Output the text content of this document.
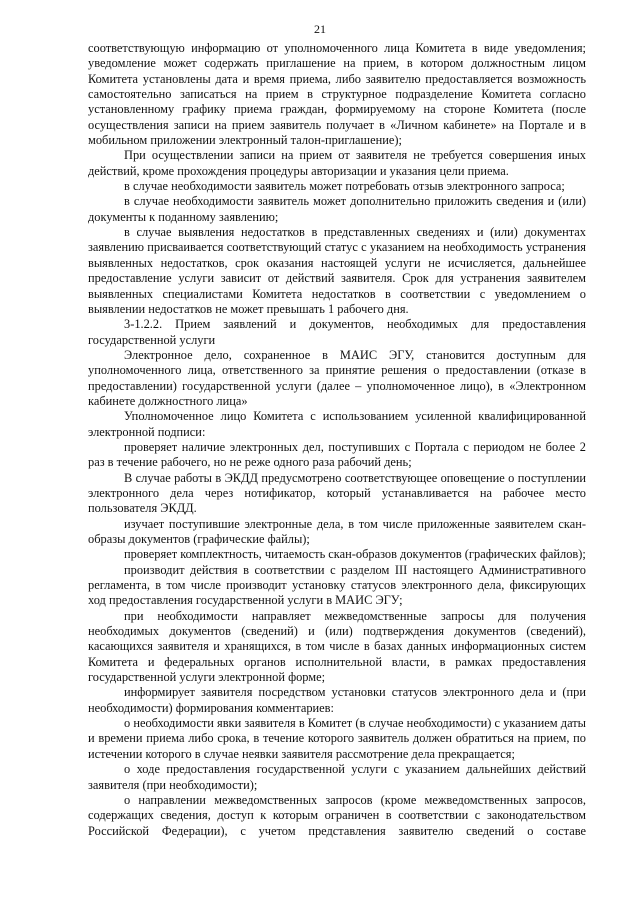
21

соответствующую информацию от уполномоченного лица Комитета в виде уведомления; уведомление может содержать приглашение на прием, в котором должностным лицом Комитета установлены дата и время приема, либо заявителю предоставляется возможность самостоятельно записаться на прием в структурное подразделение Комитета согласно установленному графику приема граждан, формируемому на стороне Комитета (после осуществления записи на прием заявитель получает в «Личном кабинете» на Портале и в мобильном приложении электронный талон-приглашение);

При осуществлении записи на прием от заявителя не требуется совершения иных действий, кроме прохождения процедуры авторизации и указания цели приема.

в случае необходимости заявитель может потребовать отзыв электронного запроса;

в случае необходимости заявитель может дополнительно приложить сведения и (или) документы к поданному заявлению;

в случае выявления недостатков в представленных сведениях и (или) документах заявлению присваивается соответствующий статус с указанием на необходимость устранения выявленных недостатков, срок оказания настоящей услуги не исчисляется, дальнейшее предоставление услуги зависит от действий заявителя. Срок для устранения заявителем выявленных специалистами Комитета недостатков в соответствии с уведомлением о выявлении недостатков не может превышать 1 рабочего дня.

3-1.2.2. Прием заявлений и документов, необходимых для предоставления государственной услуги

Электронное дело, сохраненное в МАИС ЭГУ, становится доступным для уполномоченного лица, ответственного за принятие решения о предоставлении (отказе в предоставлении) государственной услуги (далее – уполномоченное лицо), в «Электронном кабинете должностного лица»

Уполномоченное лицо Комитета с использованием усиленной квалифицированной электронной подписи:

проверяет наличие электронных дел, поступивших с Портала с периодом не более 2 раз в течение рабочего, но не реже одного раза рабочий день;

В случае работы в ЭКДД предусмотрено соответствующее оповещение о поступлении электронного дела через нотификатор, который устанавливается на рабочее место пользователя ЭКДД.

изучает поступившие электронные дела, в том числе приложенные заявителем скан-образы документов (графические файлы);

проверяет комплектность, читаемость скан-образов документов (графических файлов);

производит действия в соответствии с разделом III настоящего Административного регламента, в том числе производит установку статусов электронного дела, фиксирующих ход предоставления государственной услуги в МАИС ЭГУ;

при необходимости направляет межведомственные запросы для получения необходимых документов (сведений) и (или) подтверждения документов (сведений), касающихся заявителя и хранящихся, в том числе в базах данных информационных систем Комитета и федеральных органов исполнительной власти, в рамках предоставления государственной услуги электронной форме;

информирует заявителя посредством установки статусов электронного дела и (при необходимости) формирования комментариев:

о необходимости явки заявителя в Комитет (в случае необходимости) с указанием даты и времени приема либо срока, в течение которого заявитель должен обратиться на прием, по истечении которого в случае неявки заявителя рассмотрение дела прекращается;

о ходе предоставления государственной услуги с указанием дальнейших действий заявителя (при необходимости);

о направлении межведомственных запросов (кроме межведомственных запросов, содержащих сведения, доступ к которым ограничен в соответствии с законодательством Российской Федерации), с учетом представления заявителю сведений о составе
